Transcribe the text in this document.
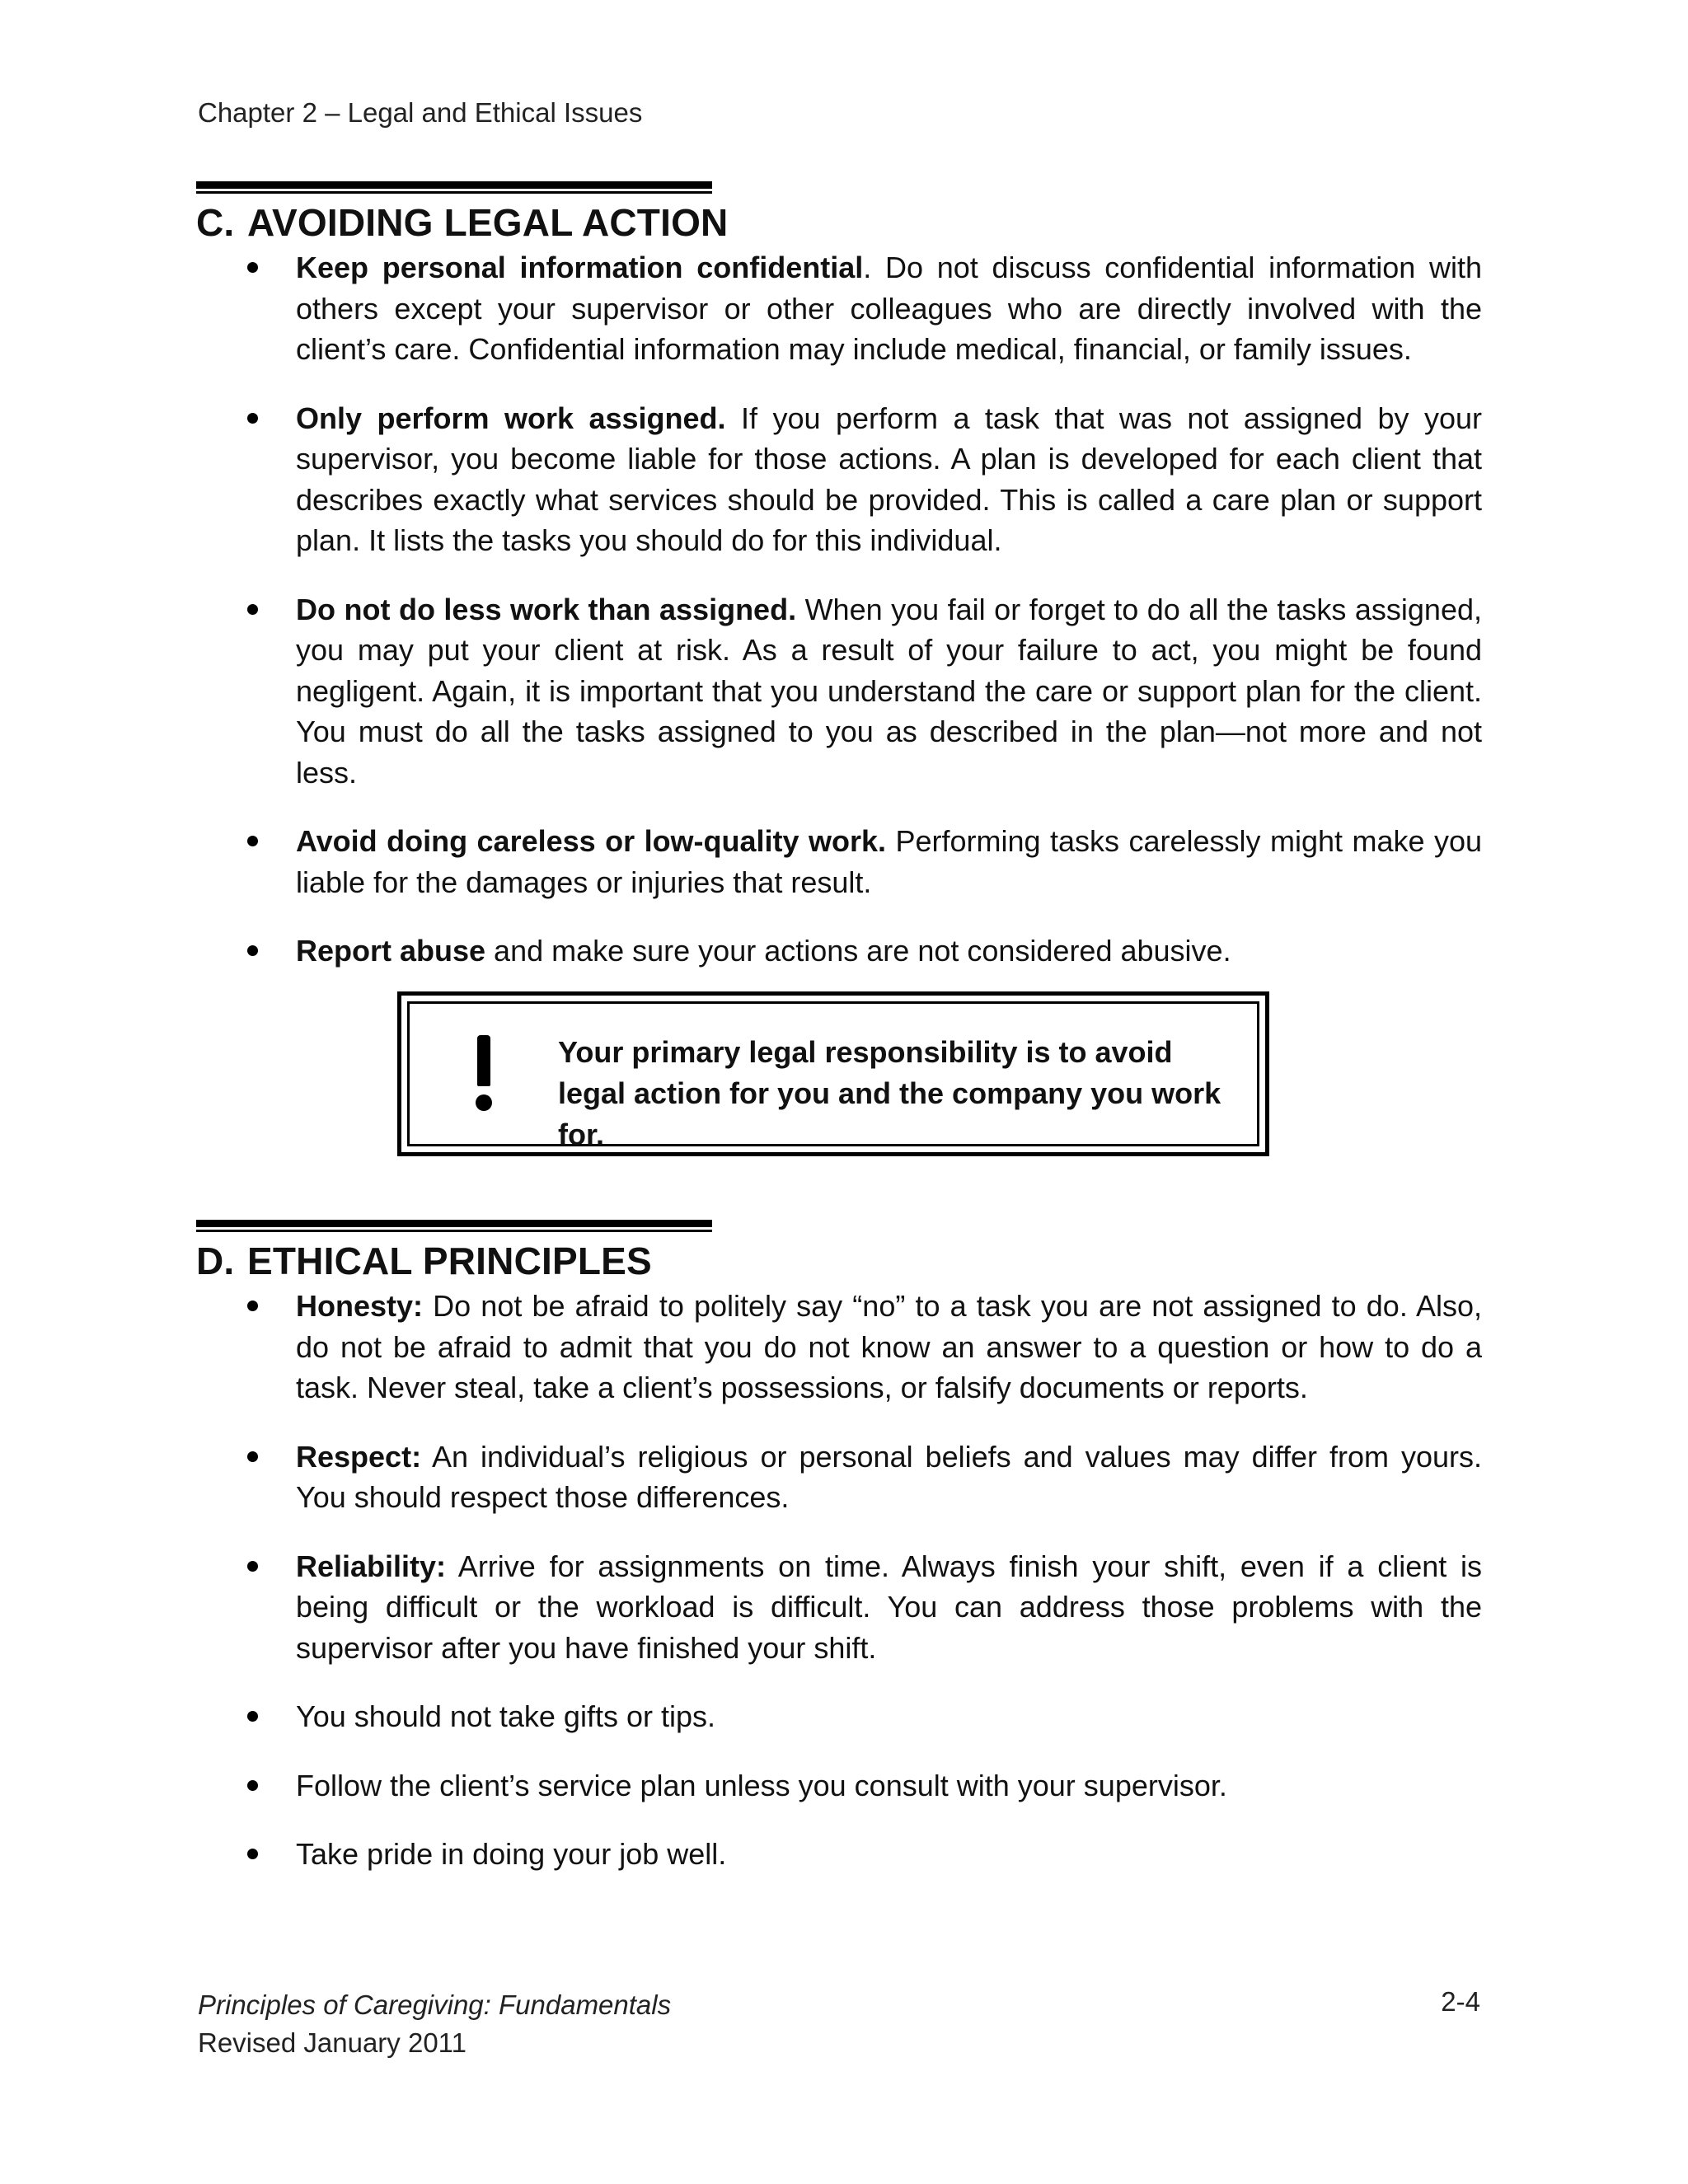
Chapter 2 – Legal and Ethical Issues
C. AVOIDING LEGAL ACTION
Keep personal information confidential. Do not discuss confidential information with others except your supervisor or other colleagues who are directly involved with the client’s care. Confidential information may include medical, financial, or family issues.
Only perform work assigned. If you perform a task that was not assigned by your supervisor, you become liable for those actions. A plan is developed for each client that describes exactly what services should be provided. This is called a care plan or support plan. It lists the tasks you should do for this individual.
Do not do less work than assigned. When you fail or forget to do all the tasks assigned, you may put your client at risk. As a result of your failure to act, you might be found negligent. Again, it is important that you understand the care or support plan for the client. You must do all the tasks assigned to you as described in the plan—not more and not less.
Avoid doing careless or low-quality work. Performing tasks carelessly might make you liable for the damages or injuries that result.
Report abuse and make sure your actions are not considered abusive.
Your primary legal responsibility is to avoid legal action for you and the company you work for.
D. ETHICAL PRINCIPLES
Honesty: Do not be afraid to politely say “no” to a task you are not assigned to do. Also, do not be afraid to admit that you do not know an answer to a question or how to do a task. Never steal, take a client’s possessions, or falsify documents or reports.
Respect: An individual’s religious or personal beliefs and values may differ from yours. You should respect those differences.
Reliability: Arrive for assignments on time. Always finish your shift, even if a client is being difficult or the workload is difficult. You can address those problems with the supervisor after you have finished your shift.
You should not take gifts or tips.
Follow the client’s service plan unless you consult with your supervisor.
Take pride in doing your job well.
Principles of Caregiving: Fundamentals
Revised January 2011
2-4
